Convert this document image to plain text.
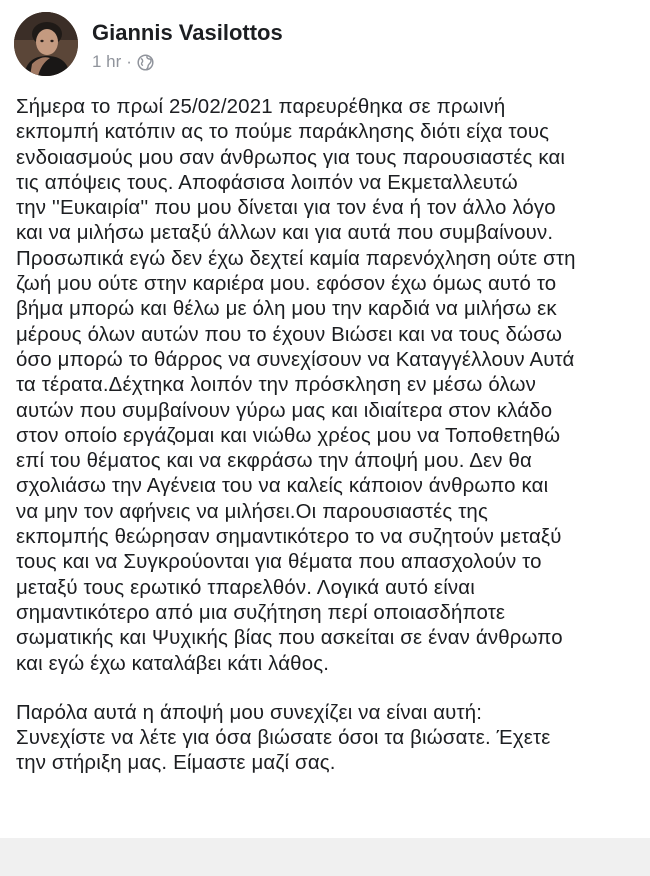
Giannis Vasilottos
1 hr ·
Σήμερα το πρωί 25/02/2021 παρευρέθηκα σε πρωινή
εκπομπή κατόπιν ας το πούμε παράκλησης διότι είχα τους
ενδοιασμούς μου σαν άνθρωπος για τους παρουσιαστές και
τις απόψεις τους. Αποφάσισα λοιπόν να Εκμεταλλευτώ
την ''Ευκαιρία'' που μου δίνεται για τον ένα ή τον άλλο λόγο
και να μιλήσω μεταξύ άλλων και για αυτά που συμβαίνουν.
Προσωπικά εγώ δεν έχω δεχτεί καμία παρενόχληση ούτε στη
ζωή μου ούτε στην καριέρα μου. εφόσον έχω όμως αυτό το
βήμα μπορώ και θέλω με όλη μου την καρδιά να μιλήσω εκ
μέρους όλων αυτών που το έχουν Βιώσει και να τους δώσω
όσο μπορώ το θάρρος να συνεχίσουν να Καταγγέλλουν Αυτά
τα τέρατα.Δέχτηκα λοιπόν την πρόσκληση εν μέσω όλων
αυτών που συμβαίνουν γύρω μας και ιδιαίτερα στον κλάδο
στον οποίο εργάζομαι και νιώθω χρέος μου να Τοποθετηθώ
επί του θέματος και να εκφράσω την άποψή μου. Δεν θα
σχολιάσω την Αγένεια του να καλείς κάποιον άνθρωπο και
να μην τον αφήνεις να μιλήσει.Οι παρουσιαστές της
εκπομπής θεώρησαν σημαντικότερο το να συζητούν μεταξύ
τους και να Συγκρούονται για θέματα που απασχολούν το
μεταξύ τους ερωτικό τπαρελθόν. Λογικά αυτό είναι
σημαντικότερο από μια συζήτηση περί οποιασδήποτε
σωματικής και Ψυχικής βίας που ασκείται σε έναν άνθρωπο
και εγώ έχω καταλάβει κάτι λάθος.
Παρόλα αυτά η άποψή μου συνεχίζει να είναι αυτή:
Συνεχίστε να λέτε για όσα βιώσατε όσοι τα βιώσατε. Έχετε
την στήριξη μας. Είμαστε μαζί σας.
